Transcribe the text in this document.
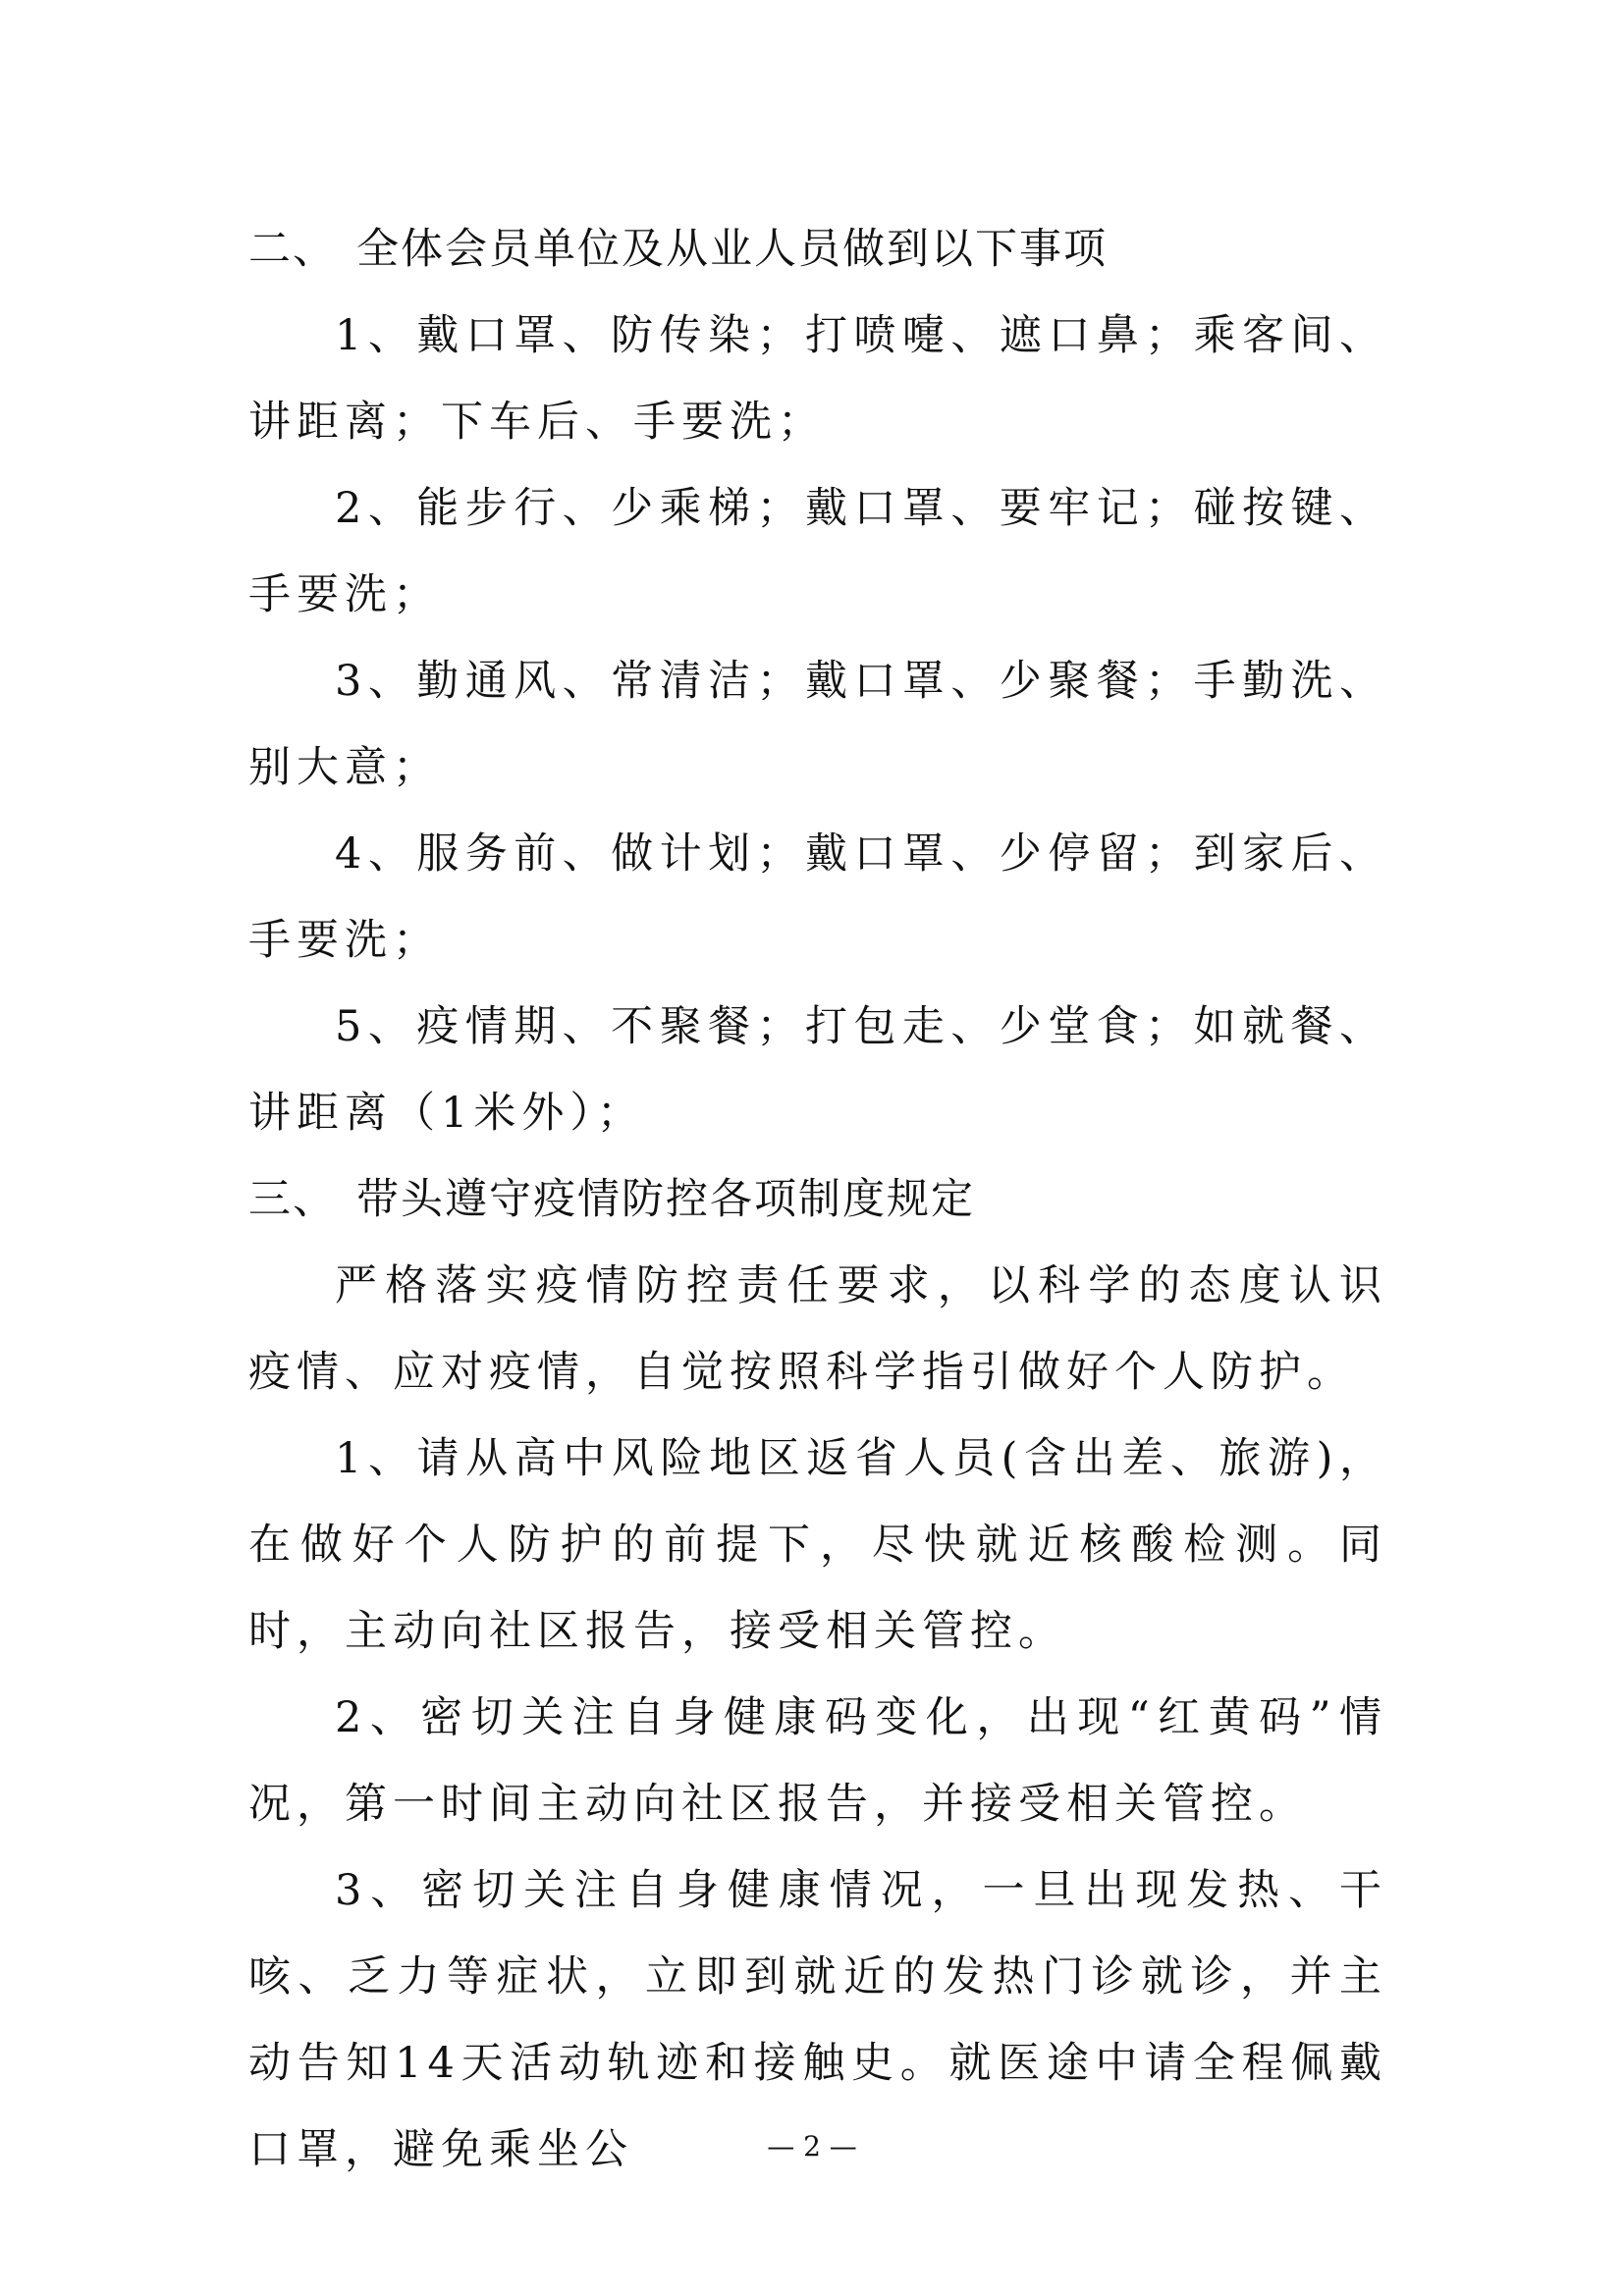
二、 全体会员单位及从业人员做到以下事项

1、戴口罩、防传染；打喷嚏、遮口鼻；乘客间、讲距离；下车后、手要洗；

2、能步行、少乘梯；戴口罩、要牢记；碰按键、手要洗；

3、勤通风、常清洁；戴口罩、少聚餐；手勤洗、别大意；

4、服务前、做计划；戴口罩、少停留；到家后、手要洗；

5、疫情期、不聚餐；打包走、少堂食；如就餐、讲距离（1米外）；

三、 带头遵守疫情防控各项制度规定

严格落实疫情防控责任要求，以科学的态度认识疫情、应对疫情，自觉按照科学指引做好个人防护。

1、请从高中风险地区返省人员(含出差、旅游)，在做好个人防护的前提下，尽快就近核酸检测。同时，主动向社区报告，接受相关管控。

2、密切关注自身健康码变化，出现“红黄码”情况，第一时间主动向社区报告，并接受相关管控。

3、密切关注自身健康情况，一旦出现发热、干咳、乏力等症状，立即到就近的发热门诊就诊，并主动告知14天活动轨迹和接触史。就医途中请全程佩戴口罩，避免乘坐公	— 2 —
